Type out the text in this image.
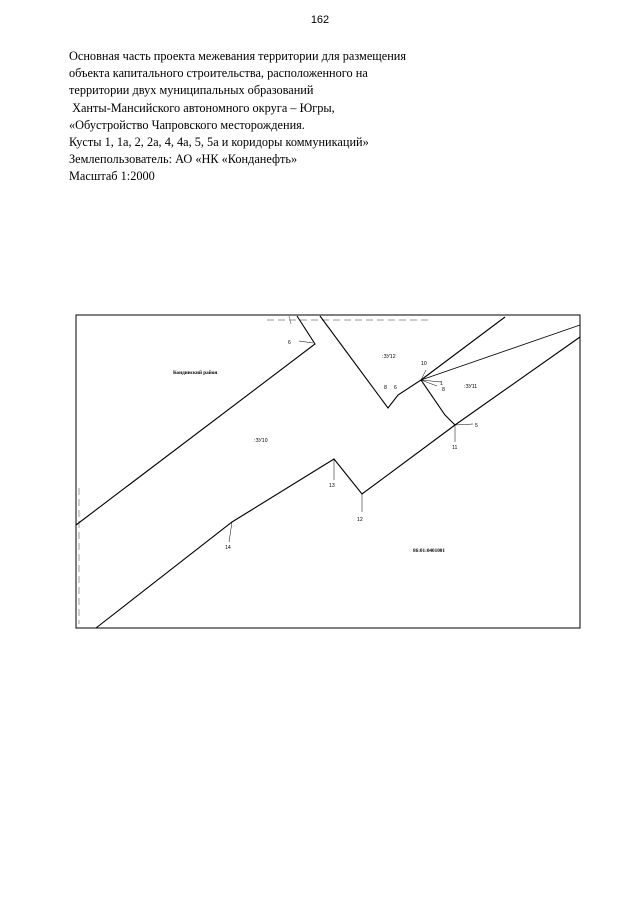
162
Основная часть проекта межевания территории для размещения
объекта капитального строительства, расположенного на
территории двух муниципальных образований
Ханты-Мансийского автономного округа – Югры,
«Обустройство Чапровского месторождения.
Кусты 1, 1а, 2, 2а, 4, 4а, 5, 5а и коридоры коммуникаций»
Землепользователь: АО «НК «Конданефть»
Масштаб 1:2000
Кондинский район
:ЗУ10
:ЗУ12
:ЗУ11
86:01:0401001
6
10
1
8
8 6
5
11
13
12
14
